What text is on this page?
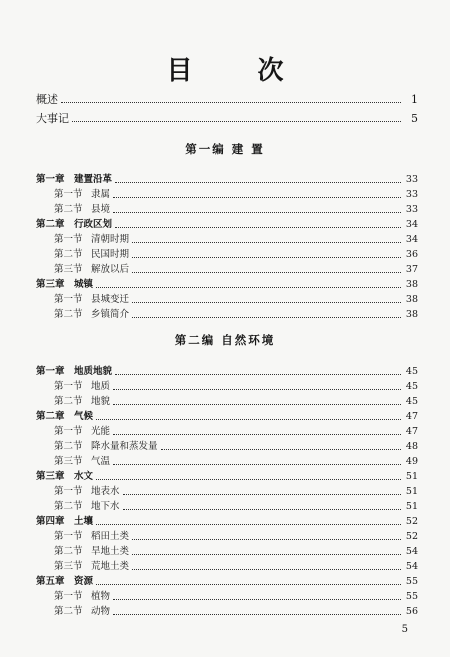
目 次
概述	1
大事记	5
第一编 建 置
第一章 建置沿革	33
第一节 隶属	33
第二节 县境	33
第二章 行政区划	34
第一节 清朝时期	34
第二节 民国时期	36
第三节 解放以后	37
第三章 城镇	38
第一节 县城变迁	38
第二节 乡镇简介	38
第二编 自然环境
第一章 地质地貌	45
第一节 地质	45
第二节 地貌	45
第二章 气候	47
第一节 光能	47
第二节 降水量和蒸发量	48
第三节 气温	49
第三章 水文	51
第一节 地表水	51
第二节 地下水	51
第四章 土壤	52
第一节 稻田土类	52
第二节 旱地土类	54
第三节 荒地土类	54
第五章 资源	55
第一节 植物	55
第二节 动物	56
5
